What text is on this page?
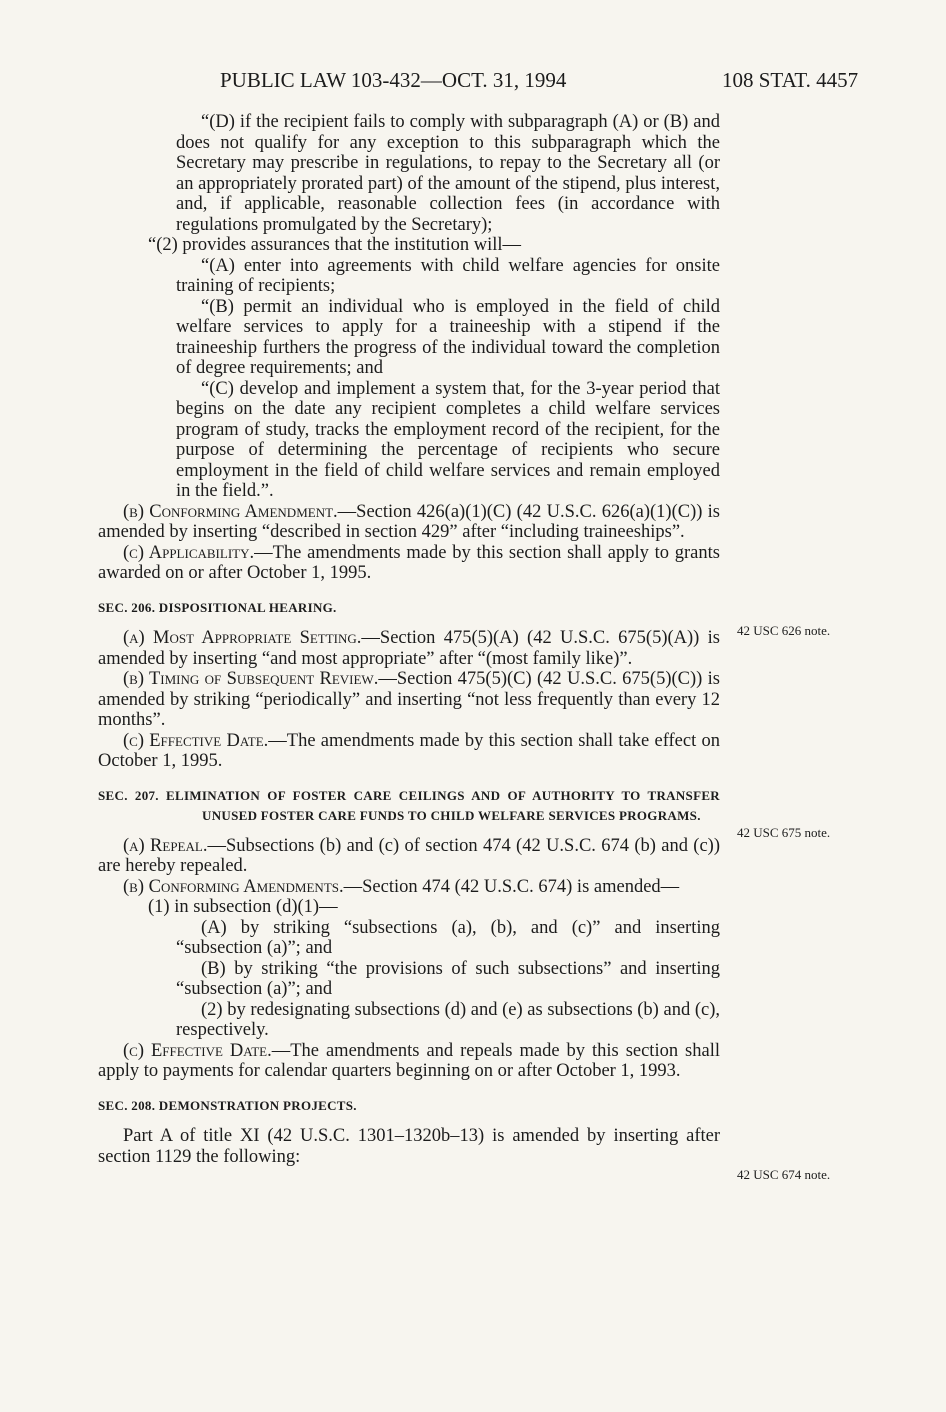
PUBLIC LAW 103-432—OCT. 31, 1994	108 STAT. 4457

“(D) if the recipient fails to comply with subparagraph (A) or (B) and does not qualify for any exception to this subparagraph which the Secretary may prescribe in regulations, to repay to the Secretary all (or an appropriately prorated part) of the amount of the stipend, plus interest, and, if applicable, reasonable collection fees (in accordance with regulations promulgated by the Secretary);

“(2) provides assurances that the institution will—

“(A) enter into agreements with child welfare agencies for onsite training of recipients;

“(B) permit an individual who is employed in the field of child welfare services to apply for a traineeship with a stipend if the traineeship furthers the progress of the individual toward the completion of degree requirements; and

“(C) develop and implement a system that, for the 3-year period that begins on the date any recipient completes a child welfare services program of study, tracks the employment record of the recipient, for the purpose of determining the percentage of recipients who secure employment in the field of child welfare services and remain employed in the field.”.

(b) Conforming Amendment.—Section 426(a)(1)(C) (42 U.S.C. 626(a)(1)(C)) is amended by inserting “described in section 429” after “including traineeships”.

(c) Applicability.—The amendments made by this section shall apply to grants awarded on or after October 1, 1995.

SEC. 206. DISPOSITIONAL HEARING.

(a) Most Appropriate Setting.—Section 475(5)(A) (42 U.S.C. 675(5)(A)) is amended by inserting “and most appropriate” after “(most family like)”.

(b) Timing of Subsequent Review.—Section 475(5)(C) (42 U.S.C. 675(5)(C)) is amended by striking “periodically” and inserting “not less frequently than every 12 months”.

(c) Effective Date.—The amendments made by this section shall take effect on October 1, 1995.

SEC. 207. ELIMINATION OF FOSTER CARE CEILINGS AND OF AUTHORITY TO TRANSFER UNUSED FOSTER CARE FUNDS TO CHILD WELFARE SERVICES PROGRAMS.

(a) Repeal.—Subsections (b) and (c) of section 474 (42 U.S.C. 674 (b) and (c)) are hereby repealed.

(b) Conforming Amendments.—Section 474 (42 U.S.C. 674) is amended—

(1) in subsection (d)(1)—

(A) by striking “subsections (a), (b), and (c)” and inserting “subsection (a)”; and

(B) by striking “the provisions of such subsections” and inserting “subsection (a)”; and

(2) by redesignating subsections (d) and (e) as subsections (b) and (c), respectively.

(c) Effective Date.—The amendments and repeals made by this section shall apply to payments for calendar quarters beginning on or after October 1, 1993.

SEC. 208. DEMONSTRATION PROJECTS.

Part A of title XI (42 U.S.C. 1301–1320b–13) is amended by inserting after section 1129 the following:

42 USC 626 note.
42 USC 675 note.
42 USC 674 note.
